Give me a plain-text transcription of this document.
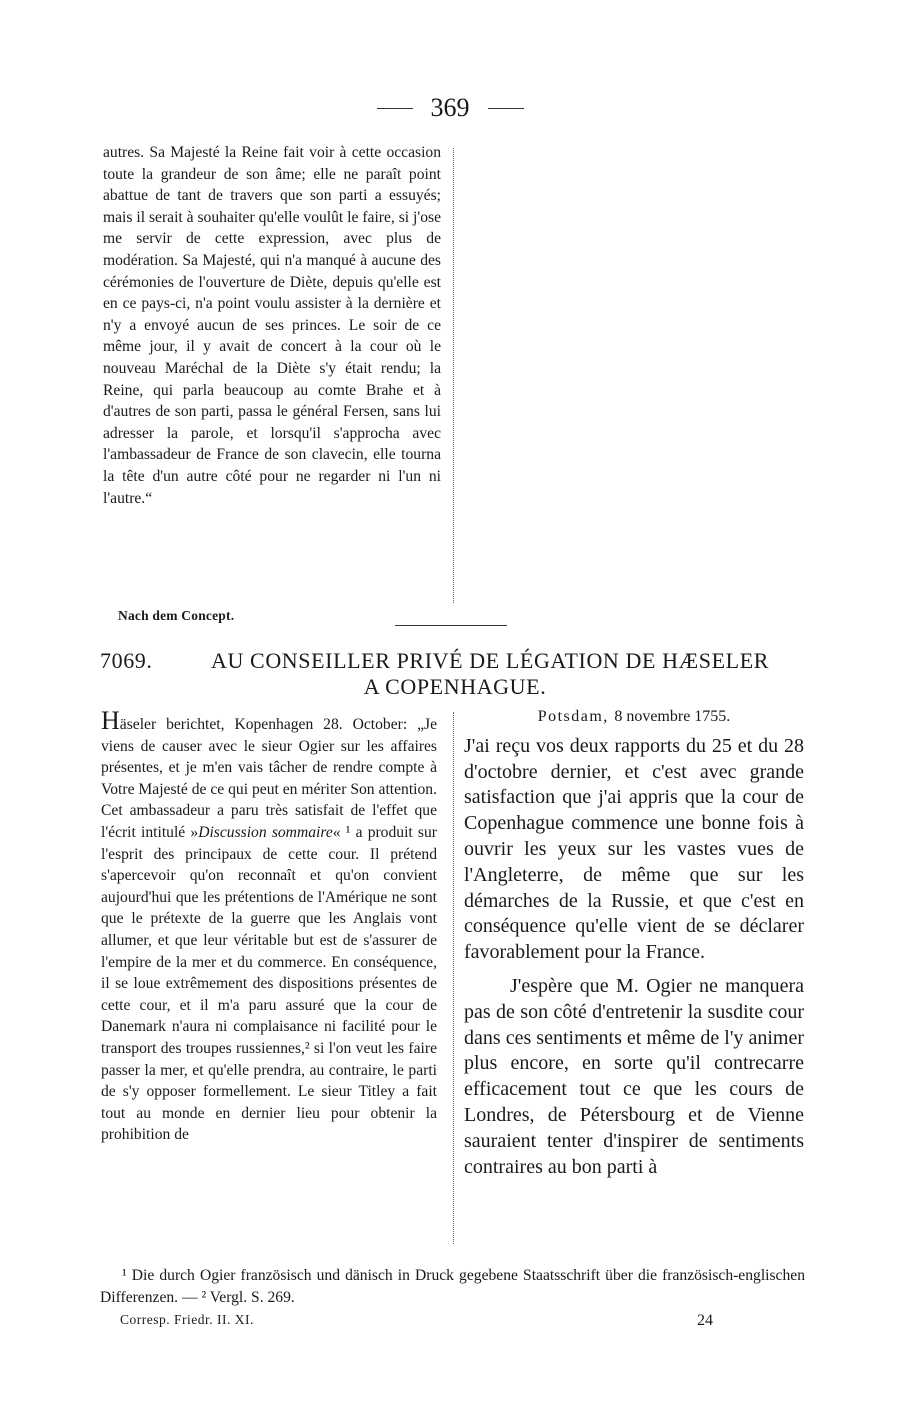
369

autres. Sa Majesté la Reine fait voir à cette occasion toute la grandeur de son âme; elle ne paraît point abattue de tant de travers que son parti a essuyés; mais il serait à souhaiter qu'elle voulût le faire, si j'ose me servir de cette expression, avec plus de modération. Sa Majesté, qui n'a manqué à aucune des cérémonies de l'ouverture de Diète, depuis qu'elle est en ce pays-ci, n'a point voulu assister à la dernière et n'y a envoyé aucun de ses princes. Le soir de ce même jour, il y avait de concert à la cour où le nouveau Maréchal de la Diète s'y était rendu; la Reine, qui parla beaucoup au comte Brahe et à d'autres de son parti, passa le général Fersen, sans lui adresser la parole, et lorsqu'il s'approcha avec l'ambassadeur de France de son clavecin, elle tourna la tête d'un autre côté pour ne regarder ni l'un ni l'autre.“

Nach dem Concept.
7069.	AU CONSEILLER PRIVÉ DE LÉGATION DE HÆSELER
A COPENHAGUE.

Häseler berichtet, Kopenhagen 28. October: „Je viens de causer avec le sieur Ogier sur les affaires présentes, et je m'en vais tâcher de rendre compte à Votre Majesté de ce qui peut en mériter Son attention. Cet ambassadeur a paru très satisfait de l'effet que l'écrit intitulé »Discussion sommaire« ¹ a produit sur l'esprit des principaux de cette cour. Il prétend s'apercevoir qu'on reconnaît et qu'on convient aujourd'hui que les prétentions de l'Amérique ne sont que le prétexte de la guerre que les Anglais vont allumer, et que leur véritable but est de s'assurer de l'empire de la mer et du commerce. En conséquence, il se loue extrêmement des dispositions présentes de cette cour, et il m'a paru assuré que la cour de Danemark n'aura ni complaisance ni facilité pour le transport des troupes russiennes,² si l'on veut les faire passer la mer, et qu'elle prendra, au contraire, le parti de s'y opposer formellement. Le sieur Titley a fait tout au monde en dernier lieu pour obtenir la prohibition de

Potsdam, 8 novembre 1755.

J'ai reçu vos deux rapports du 25 et du 28 d'octobre dernier, et c'est avec grande satisfaction que j'ai appris que la cour de Copenhague commence une bonne fois à ouvrir les yeux sur les vastes vues de l'Angleterre, de même que sur les démarches de la Russie, et que c'est en conséquence qu'elle vient de se déclarer favorablement pour la France.

J'espère que M. Ogier ne manquera pas de son côté d'entretenir la susdite cour dans ces sentiments et même de l'y animer plus encore, en sorte qu'il contrecarre efficacement tout ce que les cours de Londres, de Pétersbourg et de Vienne sauraient tenter d'inspirer de sentiments contraires au bon parti à

¹ Die durch Ogier französisch und dänisch in Druck gegebene Staatsschrift über die französisch-englischen Differenzen. — ² Vergl. S. 269.

Corresp. Friedr. II. XI.	24
